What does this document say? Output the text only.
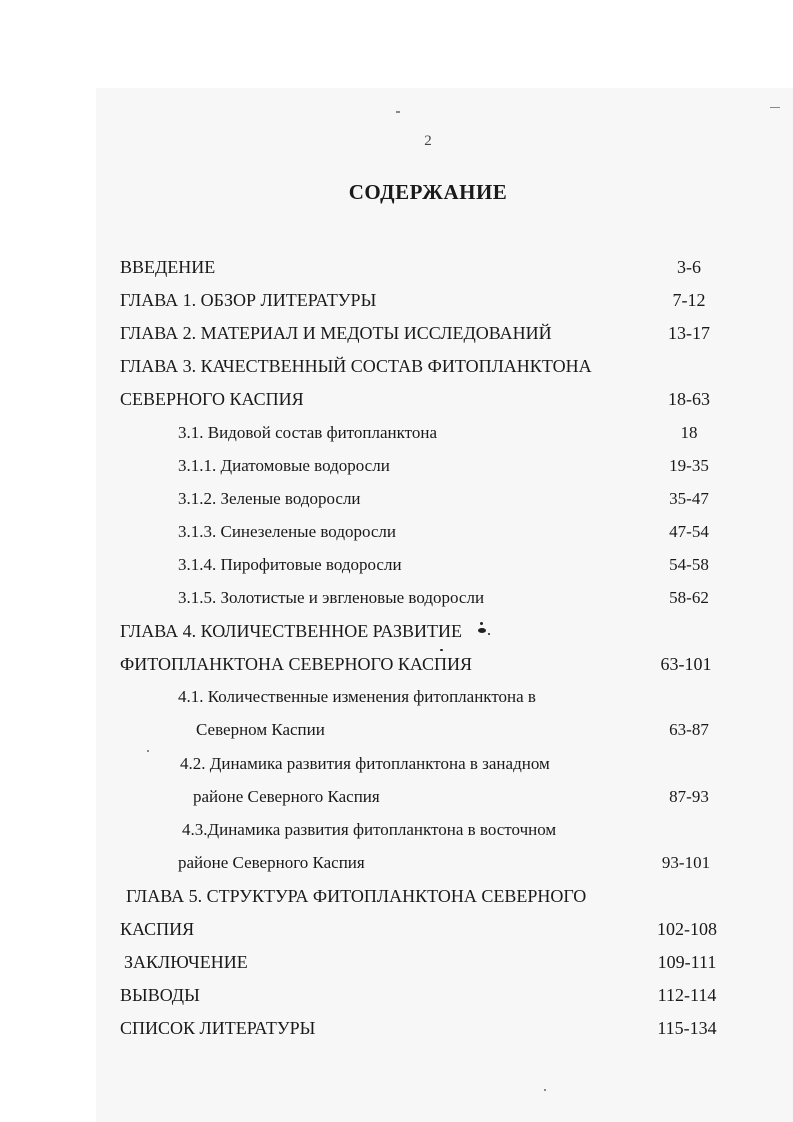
2
СОДЕРЖАНИЕ
ВВЕДЕНИЕ	3-6
ГЛАВА 1. ОБЗОР ЛИТЕРАТУРЫ	7-12
ГЛАВА 2. МАТЕРИАЛ И МЕДОТЫ ИССЛЕДОВАНИЙ	13-17
ГЛАВА 3. КАЧЕСТВЕННЫЙ СОСТАВ ФИТОПЛАНКТОНА
СЕВЕРНОГО КАСПИЯ	18-63
3.1. Видовой состав фитопланктона	18
3.1.1. Диатомовые водоросли	19-35
3.1.2. Зеленые водоросли	35-47
3.1.3. Синезеленые водоросли	47-54
3.1.4. Пирофитовые водоросли	54-58
3.1.5. Золотистые и эвгленовые водоросли	58-62
ГЛАВА 4. КОЛИЧЕСТВЕННОЕ РАЗВИТИЕ
ФИТОПЛАНКТОНА СЕВЕРНОГО КАСПИЯ	63-101
4.1. Количественные изменения фитопланктона в
Северном Каспии	63-87
4.2. Динамика развития фитопланктона в занадном
районе Северного Каспия	87-93
4.3.Динамика развития фитопланктона в восточном
районе Северного Каспия	93-101
ГЛАВА 5. СТРУКТУРА ФИТОПЛАНКТОНА СЕВЕРНОГО
КАСПИЯ	102-108
ЗАКЛЮЧЕНИЕ	109-111
ВЫВОДЫ	112-114
СПИСОК ЛИТЕРАТУРЫ	115-134
